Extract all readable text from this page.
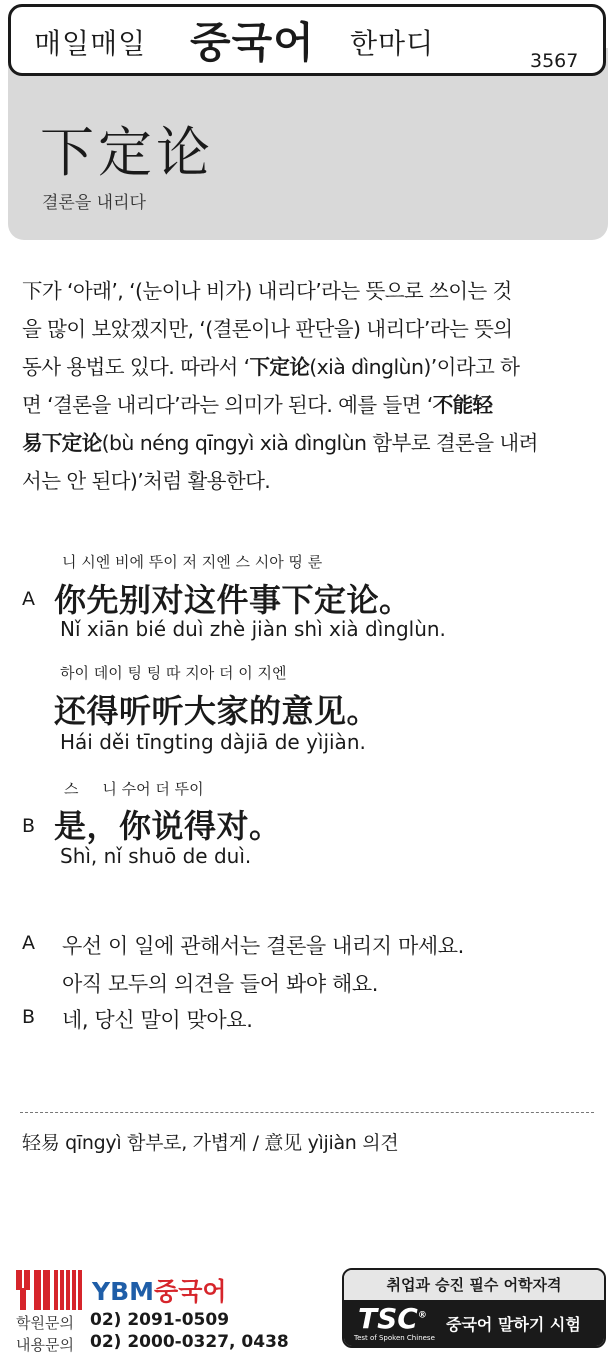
매일매일 중국어 한마디
3567
下定论
결론을 내리다

下가 ‘아래’, ‘(눈이나 비가) 내리다’라는 뜻으로 쓰이는 것

을 많이 보았겠지만, ‘(결론이나 판단을) 내리다’라는 뜻의

동사 용법도 있다. 따라서 ‘下定论(xià dìnglùn)’이라고 하

면 ‘결론을 내리다’라는 의미가 된다. 예를 들면 ‘不能轻

易下定论(bù néng qīngyì xià dìnglùn 함부로 결론을 내려

서는 안 된다)’처럼 활용한다.

A
니 시엔 비에 뚜이 저 지엔 스 시아 띵 룬
你先别对这件事下定论。
Nǐ xiān bié duì zhè jiàn shì xià dìnglùn.
하이 데이 팅 팅 따 지아 더 이 지엔
还得听听大家的意见。
Hái děi tīngting dàjiā de yìjiàn.
B
스     니 수어 더 뚜이
是，你说得对。
Shì, nǐ shuō de duì.
A 우선 이 일에 관해서는 결론을 내리지 마세요.
아직 모두의 의견을 들어 봐야 해요.
B 네, 당신 말이 맞아요.
轻易 qīngyì 함부로, 가볍게 / 意见 yìjiàn 의견
YBM중국어
학원문의 02) 2091-0509
내용문의 02) 2000-0327, 0438
취업과 승진 필수 어학자격
TSC®
Test of Spoken Chinese
중국어 말하기 시험
